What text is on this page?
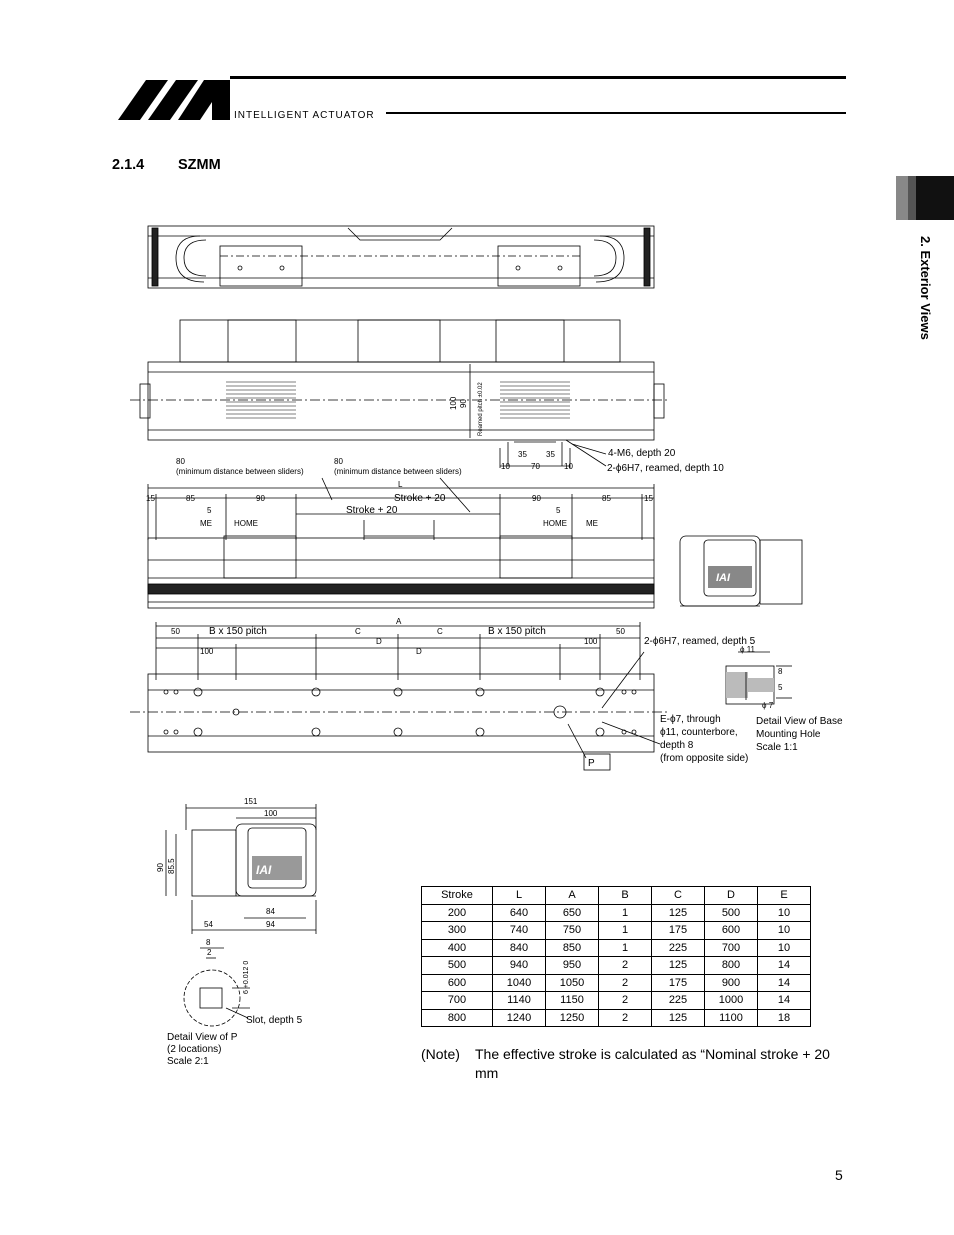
INTELLIGENT ACTUATOR
2.1.4 SZMM
2. Exterior Views
100 90 Reamed pitch ±0.02
35 35
10	70	10
4-M6, depth 20
2-ϕ6H7, reamed, depth 10
80
(minimum distance between sliders)
80
(minimum distance between sliders)
L
15	85	90	Stroke + 20
Stroke + 20
90	85	15
5	5
ME	HOME	HOME ME
IAI
A
50	B x 150 pitch	C	C	B x 150 pitch	50
D
D
100
100	2-ϕ6H7, reamed, depth 5
ϕ 11
8
5
ϕ 7
Detail View of Base
Mounting Hole
Scale 1:1
E-ϕ7, through
ϕ11, counterbore,
depth 8
(from opposite side)
P
IAI
151
100
90 85.5
84
54	94
8
2
6 +0.012 0
Slot, depth 5
Detail View of P
(2 locations)
Scale 2:1
Stroke	L	A	B	C	D	E
200	640	650	1	125	500	10
300	740	750	1	175	600	10
400	840	850	1	225	700	10
500	940	950	2	125	800	14
600	1040	1050	2	175	900	14
700	1140	1150	2	225	1000	14
800	1240	1250	2	125	1100	18
(Note) The effective stroke is calculated as “Nominal stroke + 20 mm
5
